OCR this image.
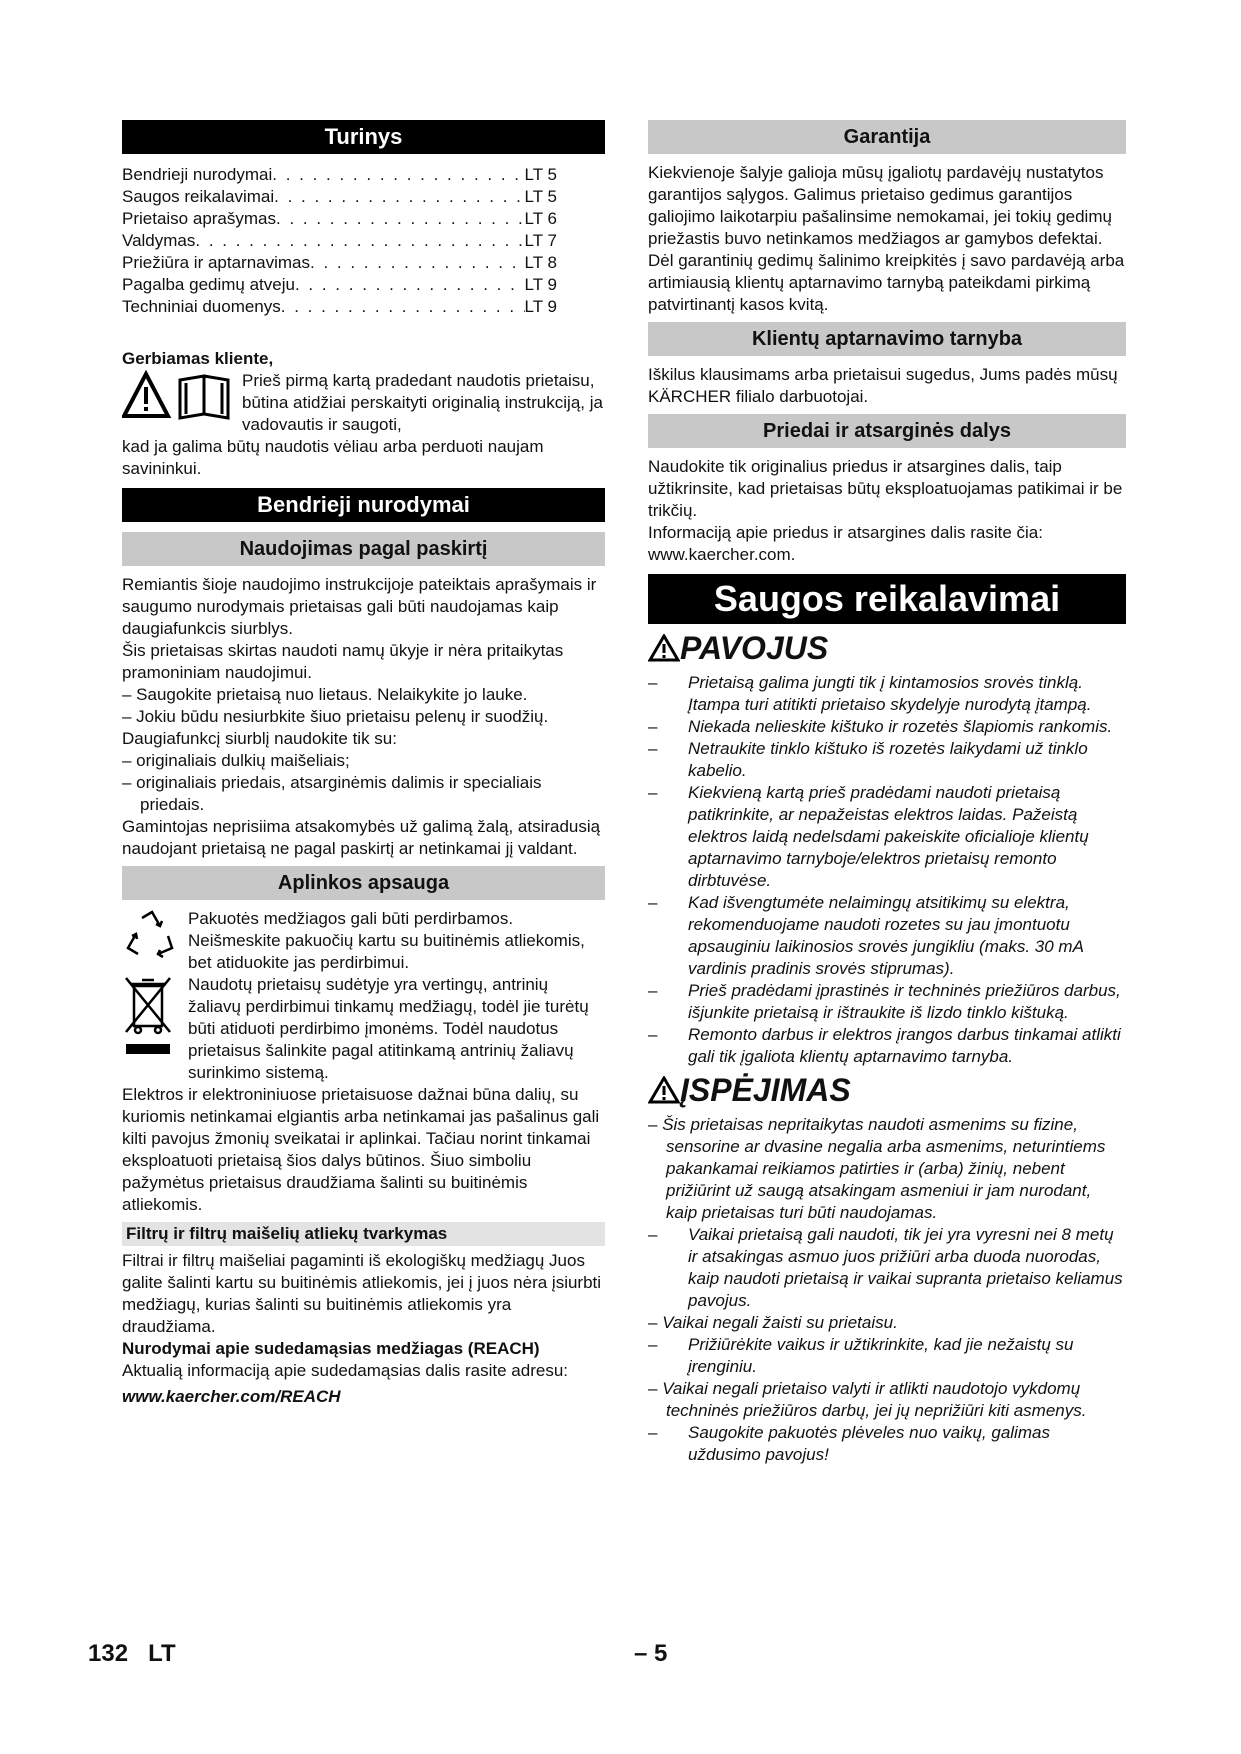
Turinys
Bendrieji nurodymai . . .	LT 5
Saugos reikalavimai . . .	LT 5
Prietaiso aprašymas . . .	LT 6
Valdymas . . .	LT 7
Priežiūra ir aptarnavimas . . .	LT 8
Pagalba gedimų atveju . . .	LT 9
Techniniai duomenys . . .	LT 9

Gerbiamas kliente,

Prieš pirmą kartą pradedant naudotis prietaisu, būtina atidžiai perskaityti originalią instrukciją, ja vadovautis ir saugoti,

kad ja galima būtų naudotis vėliau arba perduoti naujam savininkui.

Bendrieji nurodymai
Naudojimas pagal paskirtį

Remiantis šioje naudojimo instrukcijoje pateiktais aprašymais ir saugumo nurodymais prietaisas gali būti naudojamas kaip daugiafunkcis siurblys.

Šis prietaisas skirtas naudoti namų ūkyje ir nėra pritaikytas pramoniniam naudojimui.

– Saugokite prietaisą nuo lietaus. Nelaikykite jo lauke.

– Jokiu būdu nesiurbkite šiuo prietaisu pelenų ir suodžių.

Daugiafunkcį siurblį naudokite tik su:

– originaliais dulkių maišeliais;

– originaliais priedais, atsarginėmis dalimis ir specialiais priedais.

Gamintojas neprisiima atsakomybės už galimą žalą, atsiradusią naudojant prietaisą ne pagal paskirtį ar netinkamai jį valdant.

Aplinkos apsauga

Pakuotės medžiagos gali būti perdirbamos. Neišmeskite pakuočių kartu su buitinėmis atliekomis, bet atiduokite jas perdirbimui.

Naudotų prietaisų sudėtyje yra vertingų, antrinių žaliavų perdirbimui tinkamų medžiagų, todėl jie turėtų būti atiduoti perdirbimo įmonėms. Todėl naudotus prietaisus šalinkite pagal atitinkamą antrinių žaliavų surinkimo sistemą.

Elektros ir elektroniniuose prietaisuose dažnai būna dalių, su kuriomis netinkamai elgiantis arba netinkamai jas pašalinus gali kilti pavojus žmonių sveikatai ir aplinkai. Tačiau norint tinkamai eksploatuoti prietaisą šios dalys būtinos. Šiuo simboliu pažymėtus prietaisus draudžiama šalinti su buitinėmis atliekomis.

Filtrų ir filtrų maišelių atliekų tvarkymas

Filtrai ir filtrų maišeliai pagaminti iš ekologiškų medžiagų Juos galite šalinti kartu su buitinėmis atliekomis, jei į juos nėra įsiurbti medžiagų, kurias šalinti su buitinėmis atliekomis yra draudžiama.

Nurodymai apie sudedamąsias medžiagas (REACH)

Aktualią informaciją apie sudedamąsias dalis rasite adresu:

www.kaercher.com/REACH

Garantija

Kiekvienoje šalyje galioja mūsų įgaliotų pardavėjų nustatytos garantijos sąlygos. Galimus prietaiso gedimus garantijos galiojimo laikotarpiu pašalinsime nemokamai, jei tokių gedimų priežastis buvo netinkamos medžiagos ar gamybos defektai. Dėl garantinių gedimų šalinimo kreipkitės į savo pardavėją arba artimiausią klientų aptarnavimo tarnybą pateikdami pirkimą patvirtinantį kasos kvitą.

Klientų aptarnavimo tarnyba

Iškilus klausimams arba prietaisui sugedus, Jums padės mūsų KÄRCHER filialo darbuotojai.

Priedai ir atsarginės dalys

Naudokite tik originalius priedus ir atsargines dalis, taip užtikrinsite, kad prietaisas būtų eksploatuojamas patikimai ir be trikčių.

Informaciją apie priedus ir atsargines dalis rasite čia: www.kaercher.com.

Saugos reikalavimai
PAVOJUS
–	Prietaisą galima jungti tik į kintamosios srovės tinklą. Įtampa turi atitikti prietaiso skydelyje nurodytą įtampą.
–	Niekada nelieskite kištuko ir rozetės šlapiomis rankomis.
–	Netraukite tinklo kištuko iš rozetės laikydami už tinklo kabelio.
–	Kiekvieną kartą prieš pradėdami naudoti prietaisą patikrinkite, ar nepažeistas elektros laidas. Pažeistą elektros laidą nedelsdami pakeiskite oficialioje klientų aptarnavimo tarnyboje/elektros prietaisų remonto dirbtuvėse.
–	Kad išvengtumėte nelaimingų atsitikimų su elektra, rekomenduojame naudoti rozetes su jau įmontuotu apsauginiu laikinosios srovės jungikliu (maks. 30 mA vardinis pradinis srovės stiprumas).
–	Prieš pradėdami įprastinės ir techninės priežiūros darbus, išjunkite prietaisą ir ištraukite iš lizdo tinklo kištuką.
–	Remonto darbus ir elektros įrangos darbus tinkamai atlikti gali tik įgaliota klientų aptarnavimo tarnyba.
ĮSPĖJIMAS
– Šis prietaisas nepritaikytas naudoti asmenims su fizine, sensorine ar dvasine negalia arba asmenims, neturintiems pakankamai reikiamos patirties ir (arba) žinių, nebent prižiūrint už saugą atsakingam asmeniui ir jam nurodant, kaip prietaisas turi būti naudojamas.
–	Vaikai prietaisą gali naudoti, tik jei yra vyresni nei 8 metų ir atsakingas asmuo juos prižiūri arba duoda nuorodas, kaip naudoti prietaisą ir vaikai supranta prietaiso keliamus pavojus.
– Vaikai negali žaisti su prietaisu.
–	Prižiūrėkite vaikus ir užtikrinkite, kad jie nežaistų su įrenginiu.
– Vaikai negali prietaiso valyti ir atlikti naudotojo vykdomų techninės priežiūros darbų, jei jų neprižiūri kiti asmenys.
–	Saugokite pakuotės plėveles nuo vaikų, galimas uždusimo pavojus!
132 LT	– 5
